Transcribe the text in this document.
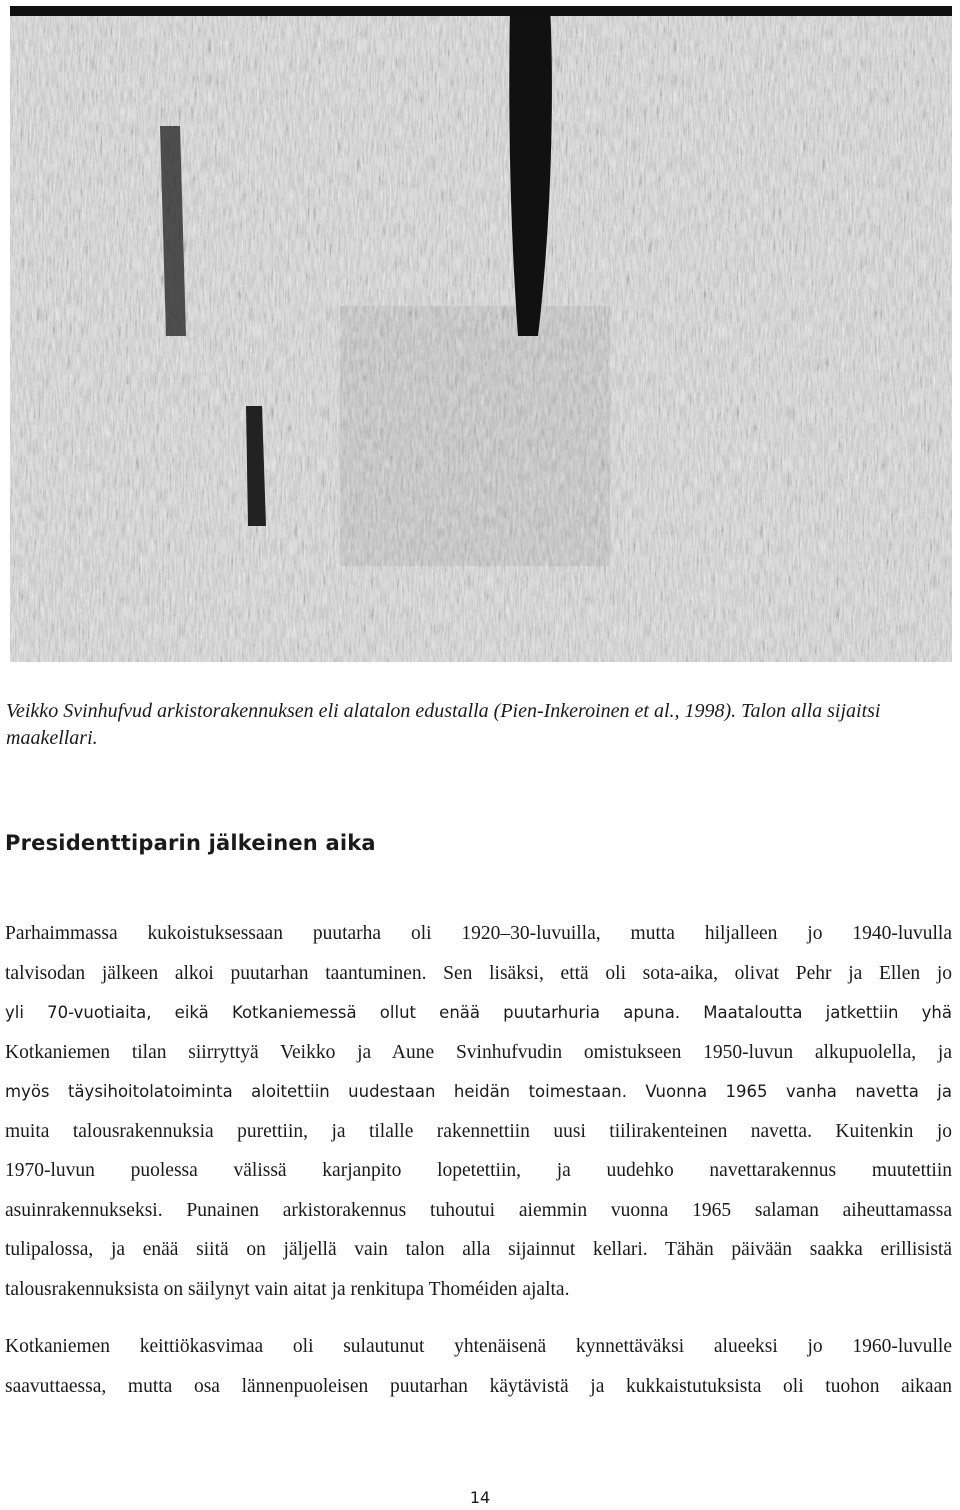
Veikko Svinhufvud arkistorakennuksen eli alatalon edustalla (Pien-Inkeroinen et al., 1998). Talon alla sijaitsi maakellari.

Presidenttiparin jälkeinen aika
Parhaimmassa kukoistuksessaan puutarha oli 1920–30-luvuilla, mutta hiljalleen jo 1940-luvulla
talvisodan jälkeen alkoi puutarhan taantuminen. Sen lisäksi, että oli sota-aika, olivat Pehr ja Ellen jo
yli 70-vuotiaita, eikä Kotkaniemessä ollut enää puutarhuria apuna. Maataloutta jatkettiin yhä
Kotkaniemen tilan siirryttyä Veikko ja Aune Svinhufvudin omistukseen 1950-luvun alkupuolella, ja
myös täysihoitolatoiminta aloitettiin uudestaan heidän toimestaan. Vuonna 1965 vanha navetta ja
muita talousrakennuksia purettiin, ja tilalle rakennettiin uusi tiilirakenteinen navetta. Kuitenkin jo
1970-luvun puolessa välissä karjanpito lopetettiin, ja uudehko navettarakennus muutettiin
asuinrakennukseksi. Punainen arkistorakennus tuhoutui aiemmin vuonna 1965 salaman aiheuttamassa
tulipalossa, ja enää siitä on jäljellä vain talon alla sijainnut kellari. Tähän päivään saakka erillisistä
talousrakennuksista on säilynyt vain aitat ja renkitupa Thoméiden ajalta.
Kotkaniemen keittiökasvimaa oli sulautunut yhtenäisenä kynnettäväksi alueeksi jo 1960-luvulle
saavuttaessa, mutta osa lännenpuoleisen puutarhan käytävistä ja kukkaistutuksista oli tuohon aikaan
14
